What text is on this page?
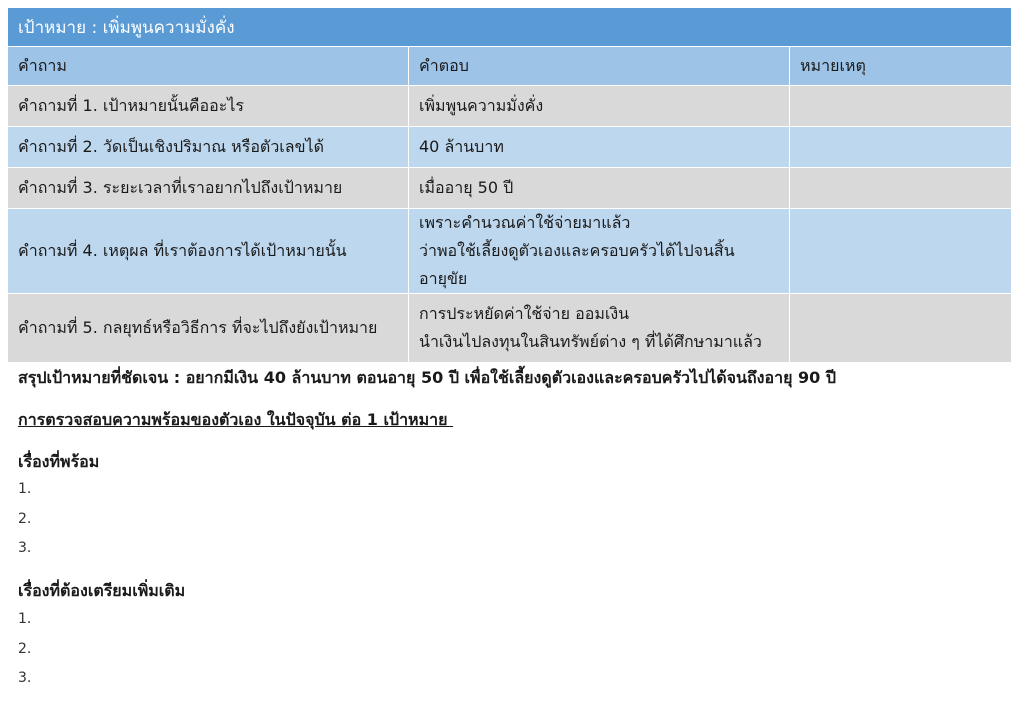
เป้าหมาย : เพิ่มพูนความมั่งคั่ง		
คำถาม	คำตอบ	หมายเหตุ
คำถามที่ 1. เป้าหมายนั้นคืออะไร	เพิ่มพูนความมั่งคั่ง	

คำถามที่ 2. วัดเป็นเชิงปริมาณ หรือตัวเลขได้	40 ล้านบาท	

คำถามที่ 3. ระยะเวลาที่เราอยากไปถึงเป้าหมาย	เมื่ออายุ 50 ปี	

คำถามที่ 4. เหตุผล ที่เราต้องการได้เป้าหมายนั้น	เพราะคำนวณค่าใช้จ่ายมาแล้ว
ว่าพอใช้เลี้ยงดูตัวเองและครอบครัวได้ไปจนสิ้นอายุขัย	

คำถามที่ 5. กลยุทธ์หรือวิธีการ ที่จะไปถึงยังเป้าหมาย	การประหยัดค่าใช้จ่าย ออมเงิน
นำเงินไปลงทุนในสินทรัพย์ต่าง ๆ ที่ได้ศึกษามาแล้ว	

สรุปเป้าหมายที่ชัดเจน : อยากมีเงิน 40 ล้านบาท ตอนอายุ 50 ปี เพื่อใช้เลี้ยงดูตัวเองและครอบครัวไปได้จนถึงอายุ 90 ปี
การตรวจสอบความพร้อมของตัวเอง ในปัจจุบัน ต่อ 1 เป้าหมาย
เรื่องที่พร้อม
1.
2.
3.
เรื่องที่ต้องเตรียมเพิ่มเติม
1.
2.
3.
